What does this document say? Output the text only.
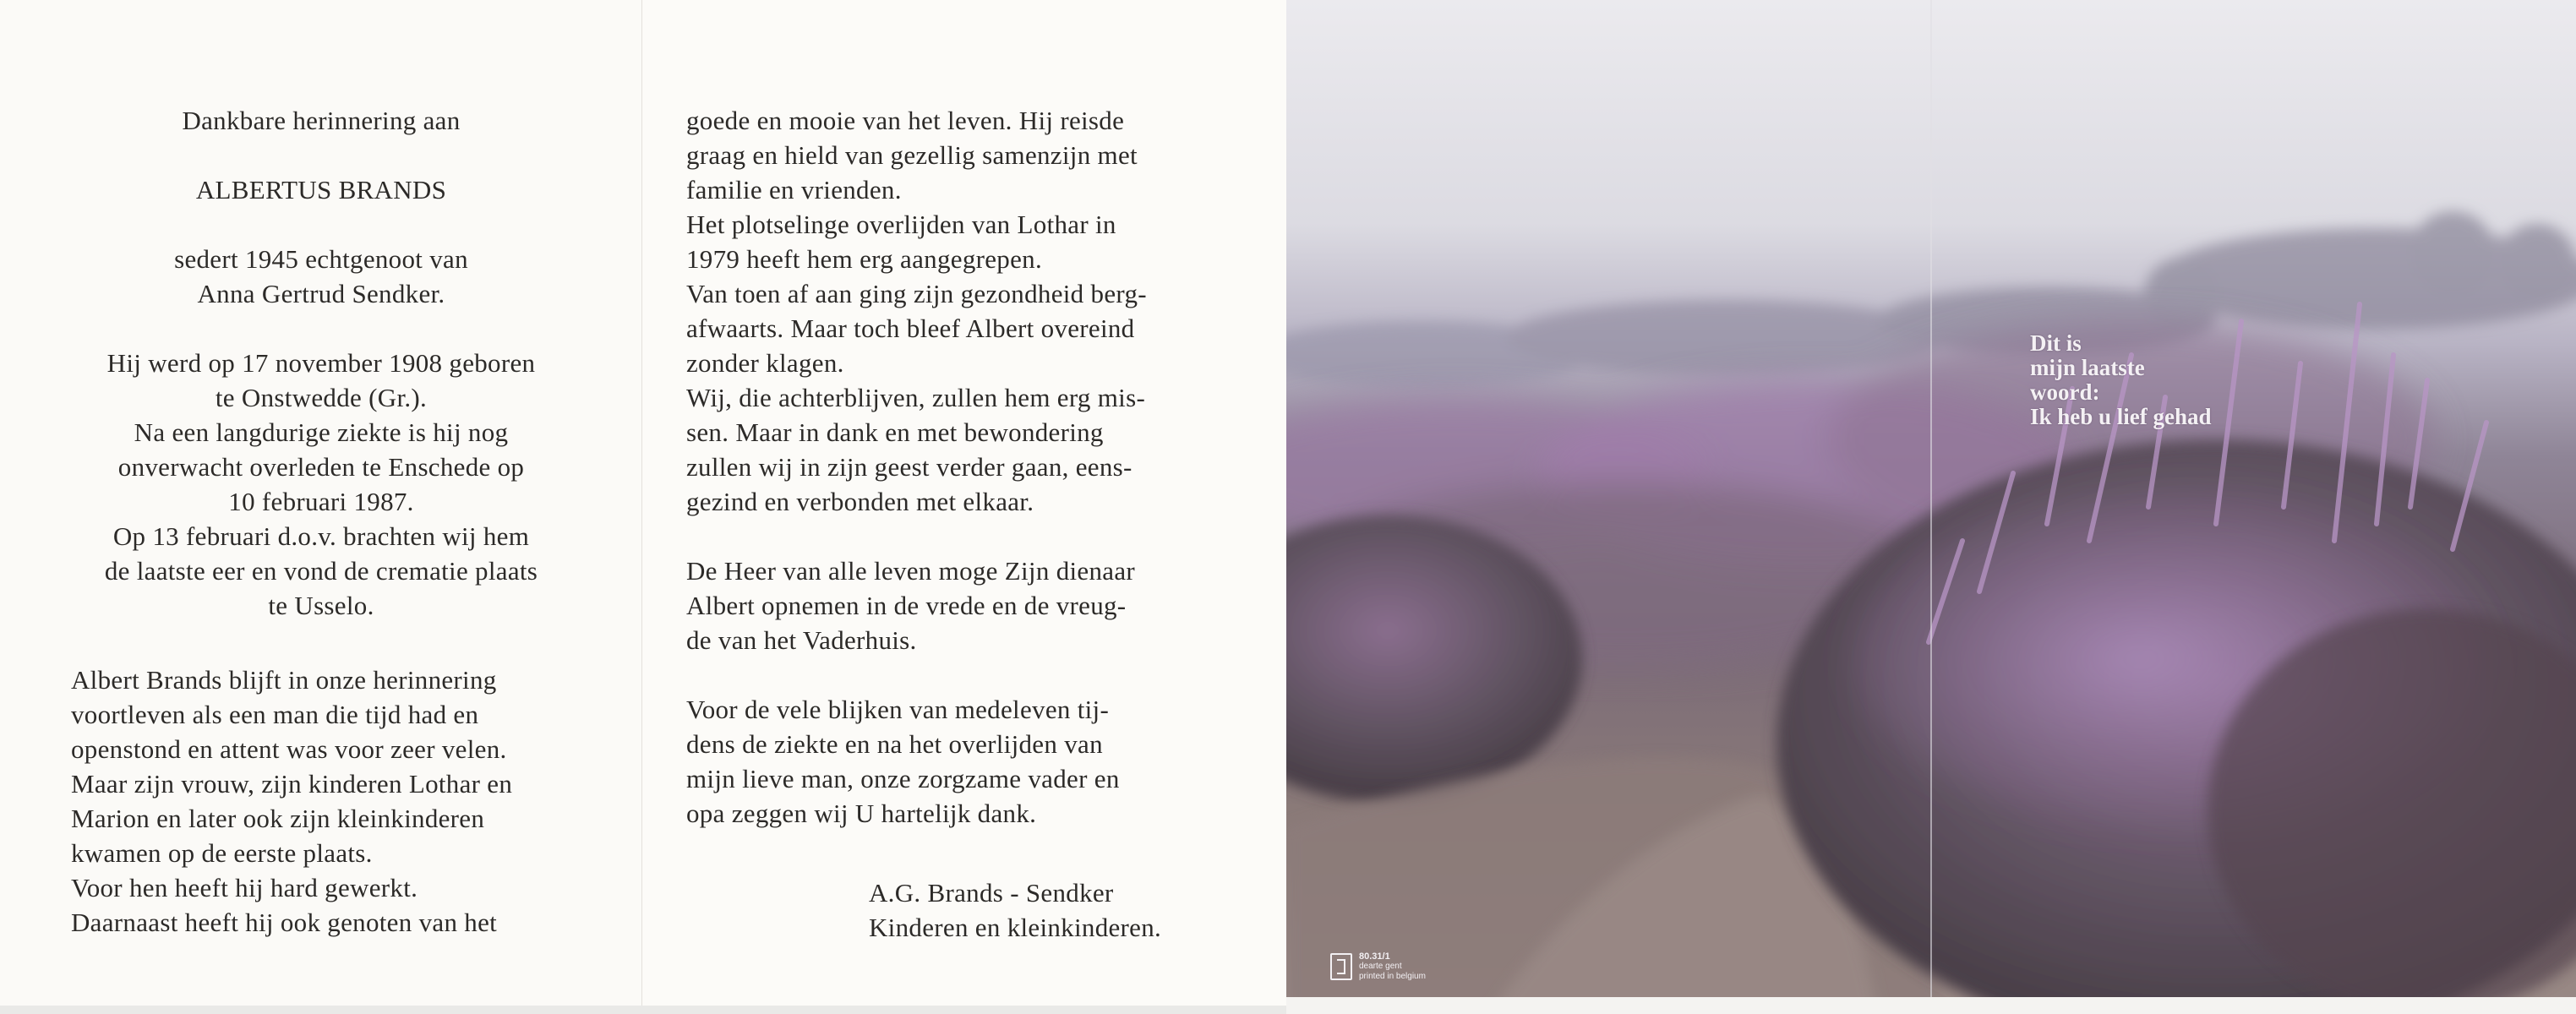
Dankbare herinnering aan
ALBERTUS BRANDS
sedert 1945 echtgenoot van
Anna Gertrud Sendker.
Hij werd op 17 november 1908 geboren
te Onstwedde (Gr.).
Na een langdurige ziekte is hij nog
onverwacht overleden te Enschede op
10 februari 1987.
Op 13 februari d.o.v. brachten wij hem
de laatste eer en vond de crematie plaats
te Usselo.
Albert Brands blijft in onze herinnering
voortleven als een man die tijd had en
openstond en attent was voor zeer velen.
Maar zijn vrouw, zijn kinderen Lothar en
Marion en later ook zijn kleinkinderen
kwamen op de eerste plaats.
Voor hen heeft hij hard gewerkt.
Daarnaast heeft hij ook genoten van het
goede en mooie van het leven. Hij reisde
graag en hield van gezellig samenzijn met
familie en vrienden.
Het plotselinge overlijden van Lothar in
1979 heeft hem erg aangegrepen.
Van toen af aan ging zijn gezondheid berg-
afwaarts. Maar toch bleef Albert overeind
zonder klagen.
Wij, die achterblijven, zullen hem erg mis-
sen. Maar in dank en met bewondering
zullen wij in zijn geest verder gaan, eens-
gezind en verbonden met elkaar.
De Heer van alle leven moge Zijn dienaar
Albert opnemen in de vrede en de vreug-
de van het Vaderhuis.
Voor de vele blijken van medeleven tij-
dens de ziekte en na het overlijden van
mijn lieve man, onze zorgzame vader en
opa zeggen wij U hartelijk dank.
A.G. Brands - Sendker
Kinderen en kleinkinderen.
Dit is
mijn laatste
woord:
Ik heb u lief gehad
80.31/1
dearte gent
printed in belgium
